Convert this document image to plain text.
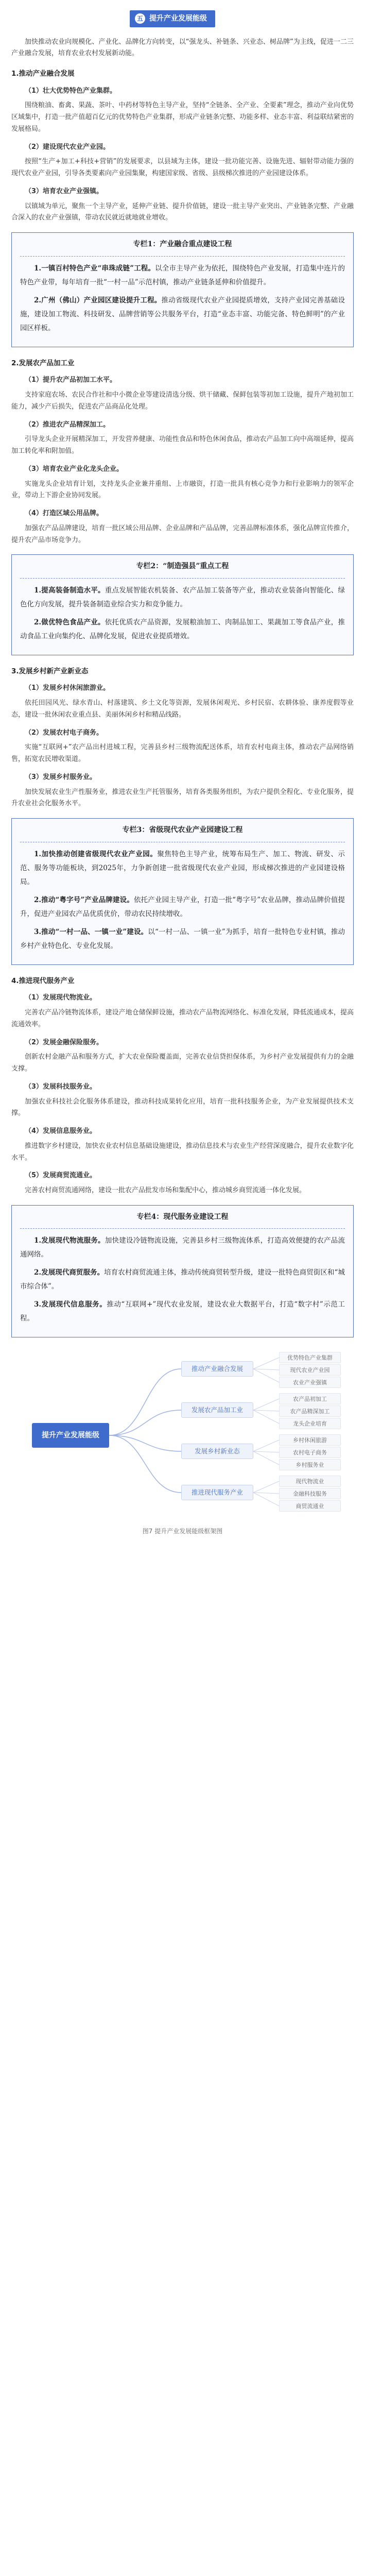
五 提升产业发展能级

加快推动农业向规模化、产业化、品牌化方向转变，以“强龙头、补链条、兴业态、树品牌”为主线，促进一二三产业融合发展，培育农业农村发展新动能。

1.推动产业融合发展
（1）壮大优势特色产业集群。

围绕粮油、畜禽、果蔬、茶叶、中药材等特色主导产业，坚持“全链条、全产业、全要素”理念，推动产业向优势区域集中，打造一批产值超百亿元的优势特色产业集群，形成产业链条完整、功能多样、业态丰富、利益联结紧密的发展格局。

（2）建设现代农业产业园。

按照“生产+加工+科技+营销”的发展要求，以县域为主体，建设一批功能完善、设施先进、辐射带动能力强的现代农业产业园，引导各类要素向产业园集聚，构建国家级、省级、县级梯次推进的产业园建设体系。

（3）培育农业产业强镇。

以镇域为单元，聚焦一个主导产业，延伸产业链、提升价值链，建设一批主导产业突出、产业链条完整、产业融合深入的农业产业强镇，带动农民就近就地就业增收。

专栏1：产业融合重点建设工程

1.一镇百村特色产业“串珠成链”工程。以全市主导产业为依托，围绕特色产业发展，打造集中连片的特色产业带，每年培育一批“一村一品”示范村镇，推动产业链条延伸和价值提升。

2.广州（佛山）产业园区建设提升工程。推动省级现代农业产业园提质增效，支持产业园完善基础设施，建设加工物流、科技研发、品牌营销等公共服务平台，打造“业态丰富、功能完备、特色鲜明”的产业园区样板。

2.发展农产品加工业
（1）提升农产品初加工水平。

支持家庭农场、农民合作社和中小微企业等建设清选分级、烘干储藏、保鲜包装等初加工设施，提升产地初加工能力，减少产后损失，促进农产品商品化处理。

（2）推进农产品精深加工。

引导龙头企业开展精深加工，开发营养健康、功能性食品和特色休闲食品，推动农产品加工向中高端延伸，提高加工转化率和附加值。

（3）培育农业产业化龙头企业。

实施龙头企业培育计划，支持龙头企业兼并重组、上市融资，打造一批具有核心竞争力和行业影响力的领军企业，带动上下游企业协同发展。

（4）打造区域公用品牌。

加强农产品品牌建设，培育一批区域公用品牌、企业品牌和产品品牌，完善品牌标准体系，强化品牌宣传推介，提升农产品市场竞争力。

专栏2：“制造强县”重点工程

1.提高装备制造水平。重点发展智能农机装备、农产品加工装备等产业，推动农业装备向智能化、绿色化方向发展，提升装备制造业综合实力和竞争能力。

2.做优特色食品产业。依托优质农产品资源，发展粮油加工、肉制品加工、果蔬加工等食品产业，推动食品工业向集约化、品牌化发展，促进农业提质增效。

3.发展乡村新产业新业态
（1）发展乡村休闲旅游业。

依托田园风光、绿水青山、村落建筑、乡土文化等资源，发展休闲观光、乡村民宿、农耕体验、康养度假等业态，建设一批休闲农业重点县、美丽休闲乡村和精品线路。

（2）发展农村电子商务。

实施“互联网+”农产品出村进城工程，完善县乡村三级物流配送体系，培育农村电商主体，推动农产品网络销售，拓宽农民增收渠道。

（3）发展乡村服务业。

加快发展农业生产性服务业，推进农业生产托管服务，培育各类服务组织，为农户提供全程化、专业化服务，提升农业社会化服务水平。

专栏3：省级现代农业产业园建设工程

1.加快推动创建省级现代农业产业园。聚焦特色主导产业，统筹布局生产、加工、物流、研发、示范、服务等功能板块，到2025年，力争新创建一批省级现代农业产业园，形成梯次推进的产业园建设格局。

2.推动“粤字号”产业品牌建设。依托产业园主导产业，打造一批“粤字号”农业品牌，推动品牌价值提升，促进产业园农产品优质优价，带动农民持续增收。

3.推动“一村一品、一镇一业”建设。以“一村一品、一镇一业”为抓手，培育一批特色专业村镇，推动乡村产业特色化、专业化发展。

4.推进现代服务产业
（1）发展现代物流业。

完善农产品冷链物流体系，建设产地仓储保鲜设施，推动农产品物流网络化、标准化发展，降低流通成本，提高流通效率。

（2）发展金融保险服务。

创新农村金融产品和服务方式，扩大农业保险覆盖面，完善农业信贷担保体系，为乡村产业发展提供有力的金融支撑。

（3）发展科技服务业。

加强农业科技社会化服务体系建设，推动科技成果转化应用，培育一批科技服务企业，为产业发展提供技术支撑。

（4）发展信息服务业。

推进数字乡村建设，加快农业农村信息基础设施建设，推动信息技术与农业生产经营深度融合，提升农业数字化水平。

（5）发展商贸流通业。

完善农村商贸流通网络，建设一批农产品批发市场和集配中心，推动城乡商贸流通一体化发展。

专栏4：现代服务业建设工程

1.发展现代物流服务。加快建设冷链物流设施，完善县乡村三级物流体系，打造高效便捷的农产品流通网络。

2.发展现代商贸服务。培育农村商贸流通主体，推动传统商贸转型升级，建设一批特色商贸街区和“城市综合体”。

3.发展现代信息服务。推动“互联网+”现代农业发展，建设农业大数据平台，打造“数字村”示范工程。

提升产业发展能级
推动产业融合发展
发展农产品加工业
发展乡村新业态
推进现代服务产业
优势特色产业集群
现代农业产业园
农业产业强镇
农产品初加工
农产品精深加工
龙头企业培育
乡村休闲旅游
农村电子商务
乡村服务业
现代物流业
金融科技服务
商贸流通业
图7 提升产业发展能级框架图
